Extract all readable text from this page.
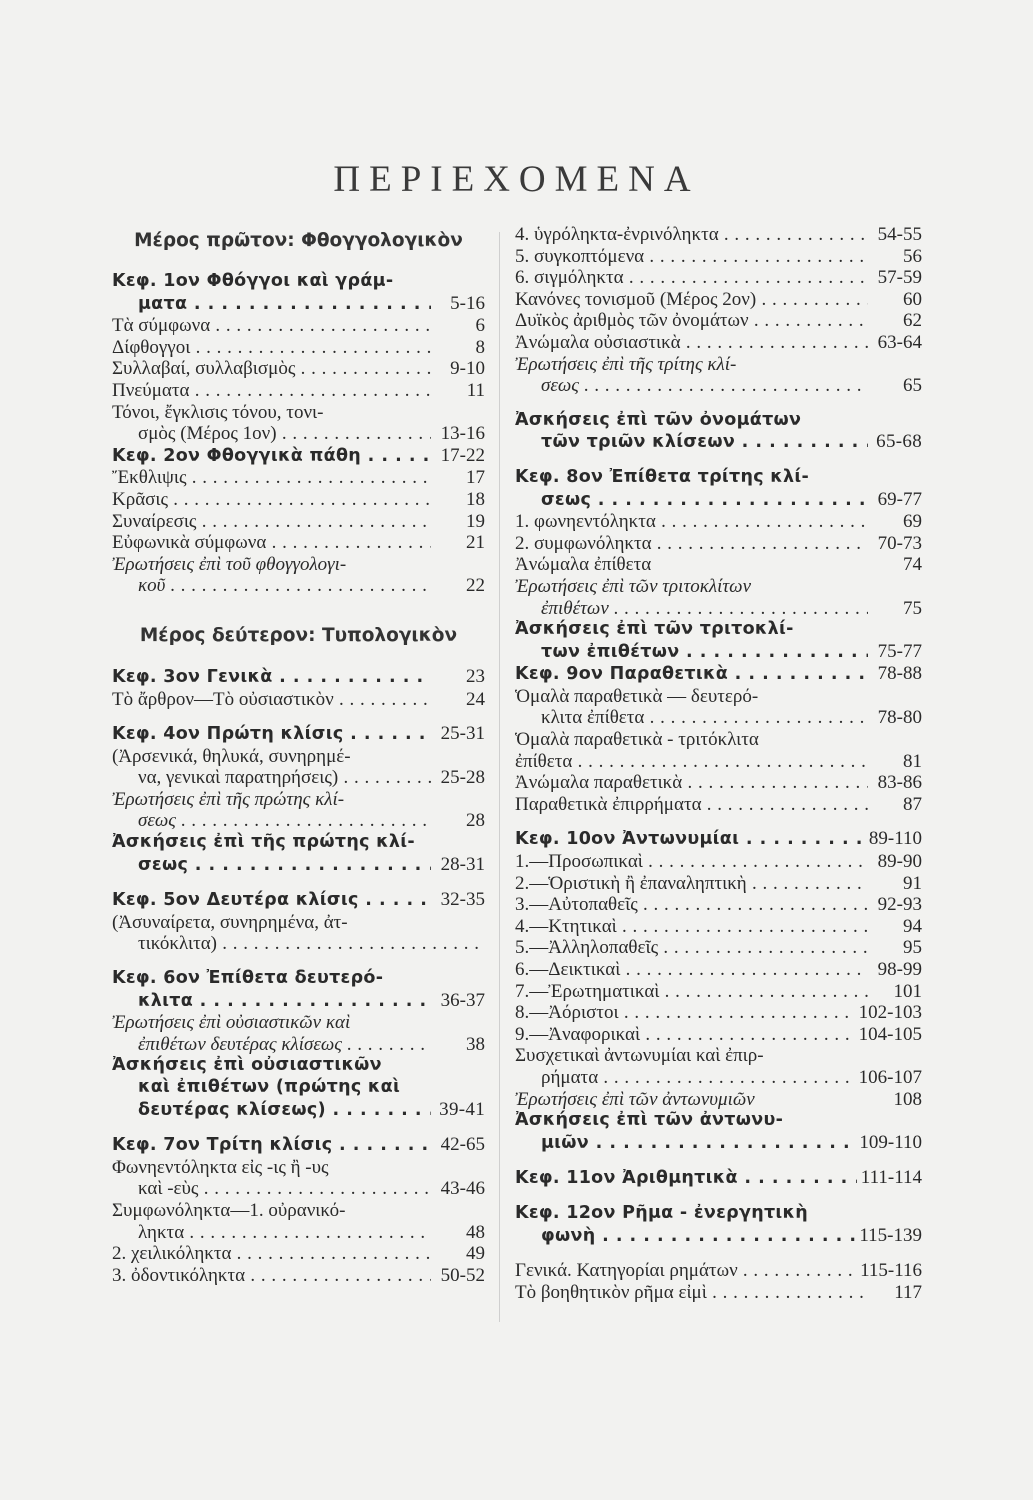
ΠΕΡΙΕΧΟΜΕΝΑ
Μέρος πρῶτον: Φθογγολογικὸν
Κεφ. 1ον Φθόγγοι καὶ γράμ-
ματα . . .	5-16
Τὰ σύμφωνα . . .	6
Δίφθογγοι . . .	8
Συλλαβαί, συλλαβισμὸς . . .	9-10
Πνεύματα . . .	11
Τόνοι, ἔγκλισις τόνου, τονι-
σμὸς (Μέρος 1ον) . . .	13-16
Κεφ. 2ον Φθογγικὰ πάθη . . .	17-22
Ἔκθλιψις . . .	17
Κρᾶσις . . .	18
Συναίρεσις . . .	19
Εὐφωνικὰ σύμφωνα . . .	21
Ἐρωτήσεις ἐπὶ τοῦ φθογγολογι-
κοῦ . . .	22
Μέρος δεύτερον: Τυπολογικὸν
Κεφ. 3ον Γενικὰ . . .	23
Τὸ ἄρθρον—Τὸ οὐσιαστικὸν . . .	24
Κεφ. 4ον Πρώτη κλίσις . . .	25-31
(Ἀρσενικά, θηλυκά, συνηρημέ-
να, γενικαὶ παρατηρήσεις) . . .	25-28
Ἐρωτήσεις ἐπὶ τῆς πρώτης κλί-
σεως . . .	28
Ἀσκήσεις ἐπὶ τῆς πρώτης κλί-
σεως . . .	28-31
Κεφ. 5ον Δευτέρα κλίσις . . .	32-35
(Ἀσυναίρετα, συνηρημένα, ἀτ-
τικόκλιτα) . . .
Κεφ. 6ον Ἐπίθετα δευτερό-
κλιτα . . .	36-37
Ἐρωτήσεις ἐπὶ οὐσιαστικῶν καὶ
ἐπιθέτων δευτέρας κλίσεως . . .	38
Ἀσκήσεις ἐπὶ οὐσιαστικῶν
καὶ ἐπιθέτων (πρώτης καὶ
δευτέρας κλίσεως) . . .	39-41
Κεφ. 7ον Τρίτη κλίσις . . .	42-65
Φωνηεντόληκτα εἰς -ις ἢ -υς
καὶ -εὺς . . .	43-46
Συμφωνόληκτα—1. οὐρανικό-
ληκτα . . .	48
2. χειλικόληκτα . . .	49
3. ὀδοντικόληκτα . . .	50-52
4. ὑγρόληκτα-ἐνρινόληκτα . . .	54-55
5. συγκοπτόμενα . . .	56
6. σιγμόληκτα . . .	57-59
Κανόνες τονισμοῦ (Μέρος 2ον) . . .	60
Δυϊκὸς ἀριθμὸς τῶν ὀνομάτων . . .	62
Ἀνώμαλα οὐσιαστικὰ . . .	63-64
Ἐρωτήσεις ἐπὶ τῆς τρίτης κλί-
σεως . . .	65
Ἀσκήσεις ἐπὶ τῶν ὀνομάτων
τῶν τριῶν κλίσεων . . .	65-68
Κεφ. 8ον Ἐπίθετα τρίτης κλί-
σεως . . .	69-77
1. φωνηεντόληκτα . . .	69
2. συμφωνόληκτα . . .	70-73
Ἀνώμαλα ἐπίθετα	74
Ἐρωτήσεις ἐπὶ τῶν τριτοκλίτων
ἐπιθέτων . . .	75
Ἀσκήσεις ἐπὶ τῶν τριτοκλί-
των ἐπιθέτων . . .	75-77
Κεφ. 9ον Παραθετικὰ . . .	78-88
Ὁμαλὰ παραθετικὰ — δευτερό-
κλιτα ἐπίθετα . . .	78-80
Ὁμαλὰ παραθετικὰ - τριτόκλιτα
ἐπίθετα . . .	81
Ἀνώμαλα παραθετικὰ . . .	83-86
Παραθετικὰ ἐπιρρήματα . . .	87
Κεφ. 10ον Ἀντωνυμίαι . . .	89-110
1.—Προσωπικαὶ . . .	89-90
2.—Ὁριστικὴ ἢ ἐπαναληπτικὴ . . .	91
3.—Αὐτοπαθεῖς . . .	92-93
4.—Κτητικαὶ . . .	94
5.—Ἀλληλοπαθεῖς . . .	95
6.—Δεικτικαὶ . . .	98-99
7.—Ἐρωτηματικαὶ . . .	101
8.—Ἀόριστοι . . .	102-103
9.—Ἀναφορικαὶ . . .	104-105
Συσχετικαὶ ἀντωνυμίαι καὶ ἐπιρ-
ρήματα . . .	106-107
Ἐρωτήσεις ἐπὶ τῶν ἀντωνυμιῶν	108
Ἀσκήσεις ἐπὶ τῶν ἀντωνυ-
μιῶν . . .	109-110
Κεφ. 11ον Ἀριθμητικὰ . . .	111-114
Κεφ. 12ον Ρῆμα - ἐνεργητικὴ
φωνὴ . . .	115-139
Γενικά. Κατηγορίαι ρημάτων . . .	115-116
Τὸ βοηθητικὸν ρῆμα εἰμὶ . . .	117
